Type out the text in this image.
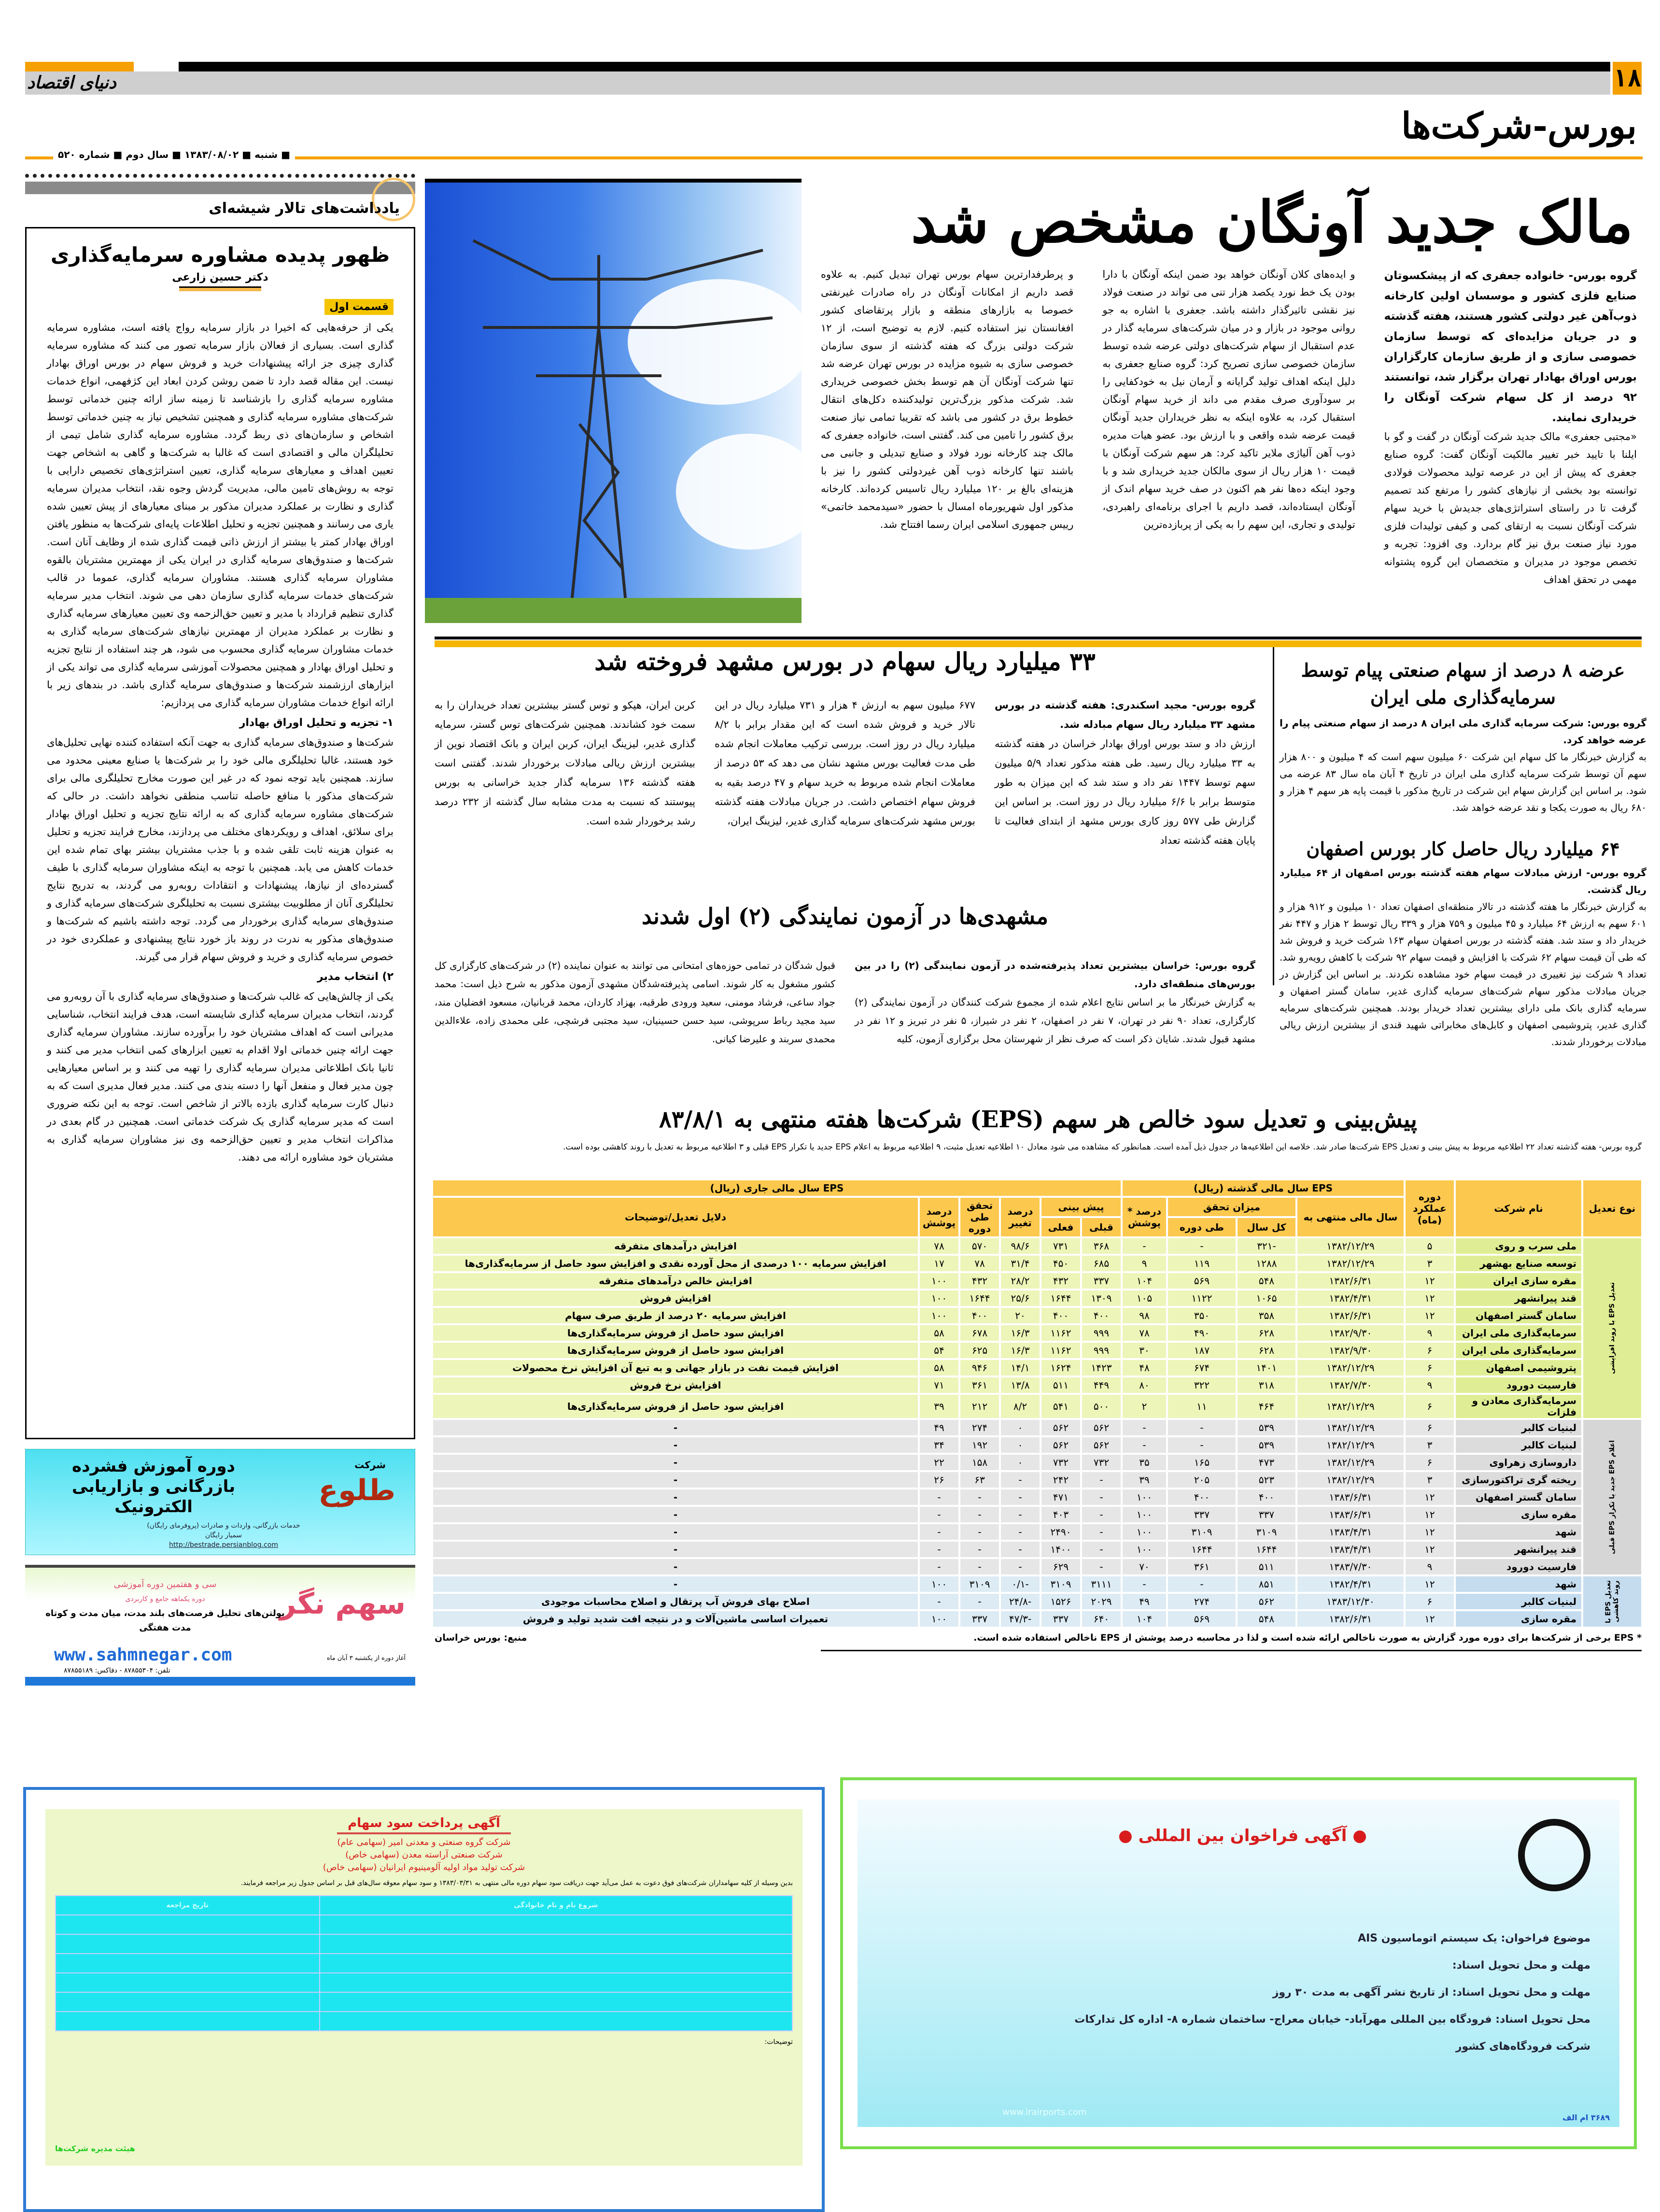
۱۸
دنیای اقتصاد
بورس-شرکت‌ها
■ شنبه ■ ۱۳۸۳/۰۸/۰۲ ■ سال دوم ■ شماره ۵۲۰
یادداشت‌های تالار شیشه‌ای
ظهور پدیده مشاوره سرمایه‌گذاری
دکتر حسین زارعی
قسمت اول

یکی از حرفه‌هایی که اخیرا در بازار سرمایه رواج یافته است، مشاوره سرمایه گذاری است. بسیاری از فعالان بازار سرمایه تصور می کنند که مشاوره سرمایه گذاری چیزی جز ارائه پیشنهادات خرید و فروش سهام در بورس اوراق بهادار نیست. این مقاله قصد دارد تا ضمن روشن کردن ابعاد این کژفهمی، انواع خدمات مشاوره سرمایه گذاری را بازشناسد تا زمینه ساز ارائه چنین خدماتی توسط شرکت‌های مشاوره سرمایه گذاری و همچنین تشخیص نیاز به چنین خدماتی توسط اشخاص و سازمان‌های ذی ربط گردد. مشاوره سرمایه گذاری شامل تیمی از تحلیلگران مالی و اقتصادی است که غالبا به شرکت‌ها و گاهی به اشخاص جهت تعیین اهداف و معیارهای سرمایه گذاری، تعیین استراتژی‌های تخصیص دارایی با توجه به روش‌های تامین مالی، مدیریت گردش وجوه نقد، انتخاب مدیران سرمایه گذاری و نظارت بر عملکرد مدیران مذکور بر مبنای معیارهای از پیش تعیین شده یاری می رسانند و همچنین تجزیه و تحلیل اطلاعات پایه‌ای شرکت‌ها به منظور یافتن اوراق بهادار کمتر یا بیشتر از ارزش ذاتی قیمت گذاری شده از وظایف آنان است. شرکت‌ها و صندوق‌های سرمایه گذاری در ایران یکی از مهمترین مشتریان بالقوه مشاوران سرمایه گذاری هستند. مشاوران سرمایه گذاری، عموما در قالب شرکت‌های خدمات سرمایه گذاری سازمان دهی می شوند. انتخاب مدیر سرمایه گذاری تنظیم قرارداد با مدیر و تعیین حق‌الزحمه وی تعیین معیارهای سرمایه گذاری و نظارت بر عملکرد مدیران از مهمترین نیازهای شرکت‌های سرمایه گذاری به خدمات مشاوران سرمایه گذاری محسوب می شود، هر چند استفاده از نتایج تجزیه و تحلیل اوراق بهادار و همچنین محصولات آموزشی سرمایه گذاری می تواند یکی از ابزارهای ارزشمند شرکت‌ها و صندوق‌های سرمایه گذاری باشد. در بندهای زیر با ارائه انواع خدمات مشاوران سرمایه گذاری می پردازیم:

۱- تجزیه و تحلیل اوراق بهادار

شرکت‌ها و صندوق‌های سرمایه گذاری به جهت آنکه استفاده کننده نهایی تحلیل‌های خود هستند، غالبا تحلیلگری مالی خود را بر شرکت‌ها یا صنایع معینی محدود می سازند. همچنین باید توجه نمود که در غیر این صورت مخارج تحلیلگری مالی برای شرکت‌های مذکور با منافع حاصله تناسب منطقی نخواهد داشت. در حالی که شرکت‌های مشاوره سرمایه گذاری که به ارائه نتایج تجزیه و تحلیل اوراق بهادار برای سلائق، اهداف و رویکردهای مختلف می پردازند، مخارج فرایند تجزیه و تحلیل به عنوان هزینه ثابت تلقی شده و با جذب مشتریان بیشتر بهای تمام شده این خدمات کاهش می یابد. همچنین با توجه به اینکه مشاوران سرمایه گذاری با طیف گسترده‌ای از نیازها، پیشنهادات و انتقادات روبه‌رو می گردند، به تدریج نتایج تحلیلگری آنان از مطلوبیت بیشتری نسبت به تحلیلگری شرکت‌های سرمایه گذاری و صندوق‌های سرمایه گذاری برخوردار می گردد. توجه داشته باشیم که شرکت‌ها و صندوق‌های مذکور به ندرت در روند باز خورد نتایج پیشنهادی و عملکردی خود در خصوص سرمایه گذاری و خرید و فروش سهام قرار می گیرند.

۲) انتخاب مدیر

یکی از چالش‌هایی که غالب شرکت‌ها و صندوق‌های سرمایه گذاری با آن روبه‌رو می گردند، انتخاب مدیران سرمایه گذاری شایسته است، هدف فرایند انتخاب، شناسایی مدیرانی است که اهداف مشتریان خود را برآورده سازند. مشاوران سرمایه گذاری جهت ارائه چنین خدماتی اولا اقدام به تعیین ابزارهای کمی انتخاب مدیر می کنند و ثانیا بانک اطلاعاتی مدیران سرمایه گذاری را تهیه می کنند و بر اساس معیارهایی چون مدیر فعال و منفعل آنها را دسته بندی می کنند. مدیر فعال مدیری است که به دنبال کارت سرمایه گذاری بازده بالاتر از شاخص است. توجه به این نکته ضروری است که مدیر سرمایه گذاری یک شرکت خدماتی است. همچنین در گام بعدی در مذاکرات انتخاب مدیر و تعیین حق‌الزحمه وی نیز مشاوران سرمایه گذاری به مشتریان خود مشاوره ارائه می دهند.

شرکت
طلوع
دوره آموزش فشرده بازرگانی و بازاریابی الکترونیک
خدمات بازرگانی، واردات و صادرات (پروفرمای رایگان)
سمیار رایگان
http://bestrade.persianblog.com
سهم نگر
سی و هفتمین دوره آموزشی
دوره یکماهه جامع و کاربردی
بولتن‌های تحلیل فرصت‌های بلند مدت، میان مدت و کوتاه مدت هفتگی
www.sahmnegar.com	آغاز دوره از یکشنبه ۳ آبان ماه
تلفن: ۸۷۸۵۵۳۰۴ - دفاکس: ۸۷۸۵۵۱۸۹
آگهی پرداخت سود سهام
شرکت گروه صنعتی و معدنی امیر (سهامی عام)
شرکت صنعتی آراسته معدن (سهامی خاص)
شرکت تولید مواد اولیه آلومینیوم ایرانیان (سهامی خاص)

بدین وسیله از کلیه سهامداران شرکت‌های فوق دعوت به عمل می‌آید جهت دریافت سود سهام دوره مالی منتهی به ۱۳۸۳/۰۳/۳۱ و سود سهام معوقه سال‌های قبل بر اساس جدول زیر مراجعه فرمایند.

شروع نام و نام خانوادگی	تاریخ مراجعه

توضیحات:
هیئت مدیره شرکت‌ها
مالک جدید آونگان مشخص شد

گروه بورس- خانواده جعفری که از پیشکسوتان صنایع فلزی کشور و موسسان اولین کارخانه ذوب‌آهن غیر دولتی کشور هستند، هفته گذشته و در جریان مزایده‌ای که توسط سازمان خصوصی سازی و از طریق سازمان کارگزاران بورس اوراق بهادار تهران برگزار شد، توانستند ۹۲ درصد از کل سهام شرکت آونگان را خریداری نمایند.

«مجتبی جعفری» مالک جدید شرکت آونگان در گفت و گو با ایلنا با تایید خبر تغییر مالکیت آونگان گفت: گروه صنایع جعفری که پیش از این در عرصه تولید محصولات فولادی توانسته بود بخشی از نیازهای کشور را مرتفع کند تصمیم گرفت تا در راستای استراتژی‌های جدیدش با خرید سهام شرکت آونگان نسبت به ارتقای کمی و کیفی تولیدات فلزی مورد نیاز صنعت برق نیز گام بردارد. وی افزود: تجربه و تخصص موجود در مدیران و متخصصان این گروه پشتوانه مهمی در تحقق اهداف

و ایده‌های کلان آونگان خواهد بود ضمن اینکه آونگان با دارا بودن یک خط نورد یکصد هزار تنی می تواند در صنعت فولاد نیز نقشی تاثیرگذار داشته باشد. جعفری با اشاره به جو روانی موجود در بازار و در میان شرکت‌های سرمایه گذار در عدم استقبال از سهام شرکت‌های دولتی عرضه شده توسط سازمان خصوصی سازی تصریح کرد: گروه صنایع جعفری به دلیل اینکه اهداف تولید گرایانه و آرمان نیل به خودکفایی را بر سودآوری صرف مقدم می داند از خرید سهام آونگان استقبال کرد، به علاوه اینکه به نظر خریداران جدید آونگان قیمت عرضه شده واقعی و با ارزش بود. عضو هیات مدیره ذوب آهن آلیاژی ملایر تاکید کرد: هر سهم شرکت آونگان با قیمت ۱۰ هزار ریال از سوی مالکان جدید خریداری شد و با وجود اینکه ده‌ها نفر هم اکنون در صف خرید سهام اندک از آونگان ایستاده‌اند، قصد داریم با اجرای برنامه‌ای راهبردی، تولیدی و تجاری، این سهم را به یکی از پربازده‌ترین

و پرطرفدارترین سهام بورس تهران تبدیل کنیم. به علاوه قصد داریم از امکانات آونگان در راه صادرات غیرنفتی خصوصا به بازارهای منطقه و بازار پرتقاضای کشور افغانستان نیز استفاده کنیم. لازم به توضیح است، از ۱۲ شرکت دولتی بزرگ که هفته گذشته از سوی سازمان خصوصی سازی به شیوه مزایده در بورس تهران عرضه شد تنها شرکت آونگان آن هم توسط بخش خصوصی خریداری شد. شرکت مذکور بزرگ‌ترین تولیدکننده دکل‌های انتقال خطوط برق در کشور می باشد که تقریبا تمامی نیاز صنعت برق کشور را تامین می کند. گفتنی است، خانواده جعفری که مالک چند کارخانه نورد فولاد و صنایع تبدیلی و جانبی می باشند تنها کارخانه ذوب آهن غیردولتی کشور را نیز با هزینه‌ای بالغ بر ۱۲۰ میلیارد ریال تاسیس کرده‌اند. کارخانه مذکور اول شهریورماه امسال با حضور «سیدمحمد خاتمی» رییس جمهوری اسلامی ایران رسما افتتاح شد.

۳۳ میلیارد ریال سهام در بورس مشهد فروخته شد

گروه بورس- مجید اسکندری: هفته گذشته در بورس مشهد ۳۳ میلیارد ریال سهام مبادله شد.

ارزش داد و ستد بورس اوراق بهادار خراسان در هفته گذشته به ۳۳ میلیارد ریال رسید. طی هفته مذکور تعداد ۵/۹ میلیون سهم توسط ۱۴۴۷ نفر داد و ستد شد که این میزان به طور متوسط برابر با ۶/۶ میلیارد ریال در روز است. بر اساس این گزارش طی ۵۷۷ روز کاری بورس مشهد از ابتدای فعالیت تا پایان هفته گذشته تعداد

۶۷۷ میلیون سهم به ارزش ۴ هزار و ۷۳۱ میلیارد ریال در این تالار خرید و فروش شده است که این مقدار برابر با ۸/۲ میلیارد ریال در روز است. بررسی ترکیب معاملات انجام شده طی مدت فعالیت بورس مشهد نشان می دهد که ۵۳ درصد از معاملات انجام شده مربوط به خرید سهام و ۴۷ درصد بقیه به فروش سهام اختصاص داشت. در جریان مبادلات هفته گذشته بورس مشهد شرکت‌های سرمایه گذاری غدیر، لیزینگ ایران،

کربن ایران، هپکو و توس گستر بیشترین تعداد خریداران را به سمت خود کشاندند. همچنین شرکت‌های توس گستر، سرمایه گذاری غدیر، لیزینگ ایران، کربن ایران و بانک اقتصاد نوین از بیشترین ارزش ریالی مبادلات برخوردار شدند. گفتنی است هفته گذشته ۱۳۶ سرمایه گذار جدید خراسانی به بورس پیوستند که نسبت به مدت مشابه سال گذشته از ۲۳۲ درصد رشد برخوردار شده است.

مشهدی‌ها در آزمون نمایندگی (۲) اول شدند

گروه بورس: خراسان بیشترین تعداد پذیرفته‌شده در آزمون نمایندگی (۲) را در بین بورس‌های منطقه‌ای دارد.

به گزارش خبرنگار ما بر اساس نتایج اعلام شده از مجموع شرکت کنندگان در آزمون نمایندگی (۲) کارگزاری، تعداد ۹۰ نفر در تهران، ۷ نفر در اصفهان، ۲ نفر در شیراز، ۵ نفر در تبریز و ۱۲ نفر در مشهد قبول شدند. شایان ذکر است که صرف نظر از شهرستان محل برگزاری آزمون، کلیه

قبول شدگان در تمامی حوزه‌های امتحانی می توانند به عنوان نماینده (۲) در شرکت‌های کارگزاری کل کشور مشغول به کار شوند. اسامی پذیرفته‌شدگان مشهدی آزمون مذکور به شرح ذیل است: محمد جواد ساعی، فرشاد مومنی، سعید ورودی طرقبه، بهزاد کاردان، محمد قربانیان، مسعود افضلیان مند، سید مجید رباط سرپوشی، سید حسن حسینیان، سید مجتبی فرشچی، علی محمدی زاده، علاءالدین محمدی سربند و علیرضا کیانی.

عرضه ۸ درصد از سهام صنعتی پیام توسط سرمایه‌گذاری ملی ایران

گروه بورس: شرکت سرمایه گذاری ملی ایران ۸ درصد از سهام صنعتی پیام را عرضه خواهد کرد.

به گزارش خبرنگار ما کل سهام این شرکت ۶۰ میلیون سهم است که ۴ میلیون و ۸۰۰ هزار سهم آن توسط شرکت سرمایه گذاری ملی ایران در تاریخ ۴ آبان ماه سال ۸۳ عرضه می شود. بر اساس این گزارش سهام این شرکت در تاریخ مذکور با قیمت پایه هر سهم ۴ هزار و ۶۸۰ ریال به صورت یکجا و نقد عرضه خواهد شد.

۶۴ میلیارد ریال حاصل کار بورس اصفهان

گروه بورس- ارزش مبادلات سهام هفته گذشته بورس اصفهان از ۶۴ میلیارد ریال گذشت.

به گزارش خبرنگار ما هفته گذشته در تالار منطقه‌ای اصفهان تعداد ۱۰ میلیون و ۹۱۲ هزار و ۶۰۱ سهم به ارزش ۶۴ میلیارد و ۴۵ میلیون و ۷۵۹ هزار و ۳۳۹ ریال توسط ۲ هزار و ۴۴۷ نفر خریدار داد و ستد شد. هفته گذشته در بورس اصفهان سهام ۱۶۳ شرکت خرید و فروش شد که طی آن قیمت سهام ۶۲ شرکت با افزایش و قیمت سهام ۹۲ شرکت با کاهش رویه‌رو شد. تعداد ۹ شرکت نیز تغییری در قیمت سهام خود مشاهده نکردند. بر اساس این گزارش در جریان مبادلات مذکور سهام شرکت‌های سرمایه گذاری غدیر، سامان گستر اصفهان و سرمایه گذاری بانک ملی دارای بیشترین تعداد خریدار بودند. همچنین شرکت‌های سرمایه گذاری غدیر، پتروشیمی اصفهان و کابل‌های مخابراتی شهید قندی از بیشترین ارزش ریالی مبادلات برخوردار شدند.

پیش‌بینی و تعدیل سود خالص هر سهم (EPS) شرکت‌ها هفته منتهی به ۸۳/۸/۱

گروه بورس- هفته گذشته تعداد ۲۲ اطلاعیه مربوط به پیش بینی و تعدیل EPS شرکت‌ها صادر شد. خلاصه این اطلاعیه‌ها در جدول ذیل آمده است. همانطور که مشاهده می شود معادل ۱۰ اطلاعیه تعدیل مثبت، ۹ اطلاعیه مربوط به اعلام EPS جدید یا تکرار EPS قبلی و ۳ اطلاعیه مربوط به تعدیل با روند کاهشی بوده است.

نوع تعدیل	نام شرکت	دوره عملکرد (ماه)	EPS سال مالی گذشته (ریال)				EPS سال مالی جاری (ریال)					
			سال مالی منتهی به	میزان تحقق		درصد * پوشش	پیش بینی		درصد تغییر	تحقق طی دوره	درصد پوشش	دلایل تعدیل/توضیحات
				کل سال	طی دوره		قبلی	فعلی				
تعدیل EPS با روند افزایشی	ملی سرب و روی	۵	۱۳۸۲/۱۲/۲۹	-۳۲۱	-	-	۳۶۸	۷۳۱	۹۸/۶	۵۷۰	۷۸	افزایش درآمدهای متفرقه
	توسعه صنایع بهشهر	۳	۱۳۸۲/۱۲/۲۹	۱۲۸۸	۱۱۹	۹	۶۸۵	۴۵۰	۳۱/۴	۷۸	۱۷	افزایش سرمایه ۱۰۰ درصدی از محل آورده نقدی و افزایش سود حاصل از سرمایه‌گذاری‌ها
	مقره سازی ایران	۱۲	۱۳۸۲/۶/۳۱	۵۴۸	۵۶۹	۱۰۴	۳۳۷	۴۳۲	۲۸/۲	۴۳۲	۱۰۰	افزایش خالص درآمدهای متفرقه
	قند پیرانشهر	۱۲	۱۳۸۲/۴/۳۱	۱۰۶۵	۱۱۲۲	۱۰۵	۱۳۰۹	۱۶۴۴	۲۵/۶	۱۶۴۴	۱۰۰	افزایش فروش
	سامان گستر اصفهان	۱۲	۱۳۸۲/۶/۳۱	۳۵۸	۳۵۰	۹۸	۴۰۰	۴۰۰	۲۰	۴۰۰	۱۰۰	افزایش سرمایه ۲۰ درصد از طریق صرف سهام
	سرمایه‌گذاری ملی ایران	۹	۱۳۸۲/۹/۳۰	۶۲۸	۴۹۰	۷۸	۹۹۹	۱۱۶۲	۱۶/۳	۶۷۸	۵۸	افزایش سود حاصل از فروش سرمایه‌گذاری‌ها
	سرمایه‌گذاری ملی ایران	۶	۱۳۸۲/۹/۳۰	۶۲۸	۱۸۷	۳۰	۹۹۹	۱۱۶۲	۱۶/۳	۶۲۵	۵۴	افزایش سود حاصل از فروش سرمایه‌گذاری‌ها
	پتروشیمی اصفهان	۶	۱۳۸۲/۱۲/۲۹	۱۴۰۱	۶۷۴	۴۸	۱۴۲۳	۱۶۲۴	۱۴/۱	۹۴۶	۵۸	افزایش قیمت نفت در بازار جهانی و به تبع آن افزایش نرخ محصولات
	فارسیت دورود	۹	۱۳۸۲/۷/۳۰	۳۱۸	۳۲۲	۸۰	۴۴۹	۵۱۱	۱۳/۸	۳۶۱	۷۱	افزایش نرخ فروش
	سرمایه‌گذاری معادن و فلزات	۶	۱۳۸۲/۱۲/۲۹	۴۶۴	۱۱	۲	۵۰۰	۵۴۱	۸/۲	۲۱۲	۳۹	افزایش سود حاصل از فروش سرمایه‌گذاری‌ها
اعلام EPS جدید یا تکرار EPS قبلی	لبنیات کالبر	۶	۱۳۸۲/۱۲/۲۹	۵۳۹	-	-	۵۶۲	۵۶۲	۰	۲۷۴	۴۹	-
	لبنیات کالبر	۳	۱۳۸۲/۱۲/۲۹	۵۳۹	-	-	۵۶۲	۵۶۲	۰	۱۹۲	۳۴	-
	داروسازی زهراوی	۶	۱۳۸۲/۱۲/۲۹	۴۷۳	۱۶۵	۳۵	۷۳۲	۷۳۲	۰	۱۵۸	۲۲	-
	ریخته گری تراکتورسازی	۳	۱۳۸۲/۱۲/۲۹	۵۲۳	۲۰۵	۳۹	-	۲۴۲	-	۶۳	۲۶	-
	سامان گستر اصفهان	۱۲	۱۳۸۳/۶/۳۱	۴۰۰	۴۰۰	۱۰۰	-	۴۷۱	-	-	-	-
	مقره سازی	۱۲	۱۳۸۳/۶/۳۱	۳۳۷	۳۳۷	۱۰۰	-	۴۰۳	-	-	-	-
	شهد	۱۲	۱۳۸۳/۴/۳۱	۳۱۰۹	۳۱۰۹	۱۰۰	-	۲۴۹۰	-	-	-	-
	قند پیرانشهر	۱۲	۱۳۸۳/۴/۳۱	۱۶۴۴	۱۶۴۴	۱۰۰	-	۱۴۰۰	-	-	-	-
	فارسیت دورود	۹	۱۳۸۳/۷/۳۰	۵۱۱	۳۶۱	۷۰	-	۶۲۹	-	-	-	-
تعدیل EPS با روند کاهشی	شهد	۱۲	۱۳۸۲/۴/۳۱	۸۵۱	-	-	۳۱۱۱	۳۱۰۹	-۰/۱	۳۱۰۹	۱۰۰	-
	لبنیات کالبر	۶	۱۳۸۳/۱۲/۳۰	۵۶۲	۲۷۴	۴۹	۲۰۲۹	۱۵۲۶	-۲۴/۸	-	-	اصلاح بهای فروش آب پرتقال و اصلاح محاسبات موجودی
	مقره سازی	۱۲	۱۳۸۲/۶/۳۱	۵۴۸	۵۶۹	۱۰۴	۶۴۰	۳۳۷	-۴۷/۳	۳۳۷	۱۰۰	تعمیرات اساسی ماشین‌آلات و در نتیجه افت شدید تولید و فروش
* EPS برخی از شرکت‌ها برای دوره مورد گزارش به صورت ناخالص ارائه شده است و لذا در محاسبه درصد پوشش از EPS ناخالص استفاده شده است.
● آگهی فراخوان بین المللی ●
موضوع فراخوان: یک سیستم اتوماسیون AIS
مهلت و محل تحویل اسناد:
مهلت و محل تحویل اسناد: از تاریخ نشر آگهی به مدت ۳۰ روز
محل تحویل اسناد: فرودگاه بین المللی مهرآباد- خیابان معراج- ساختمان شماره ۸- اداره کل تدارکات
شرکت فرودگاه‌های کشور
www.irairports.com
۳۶۸۹ ام الف
منبع: بورس خراسان
